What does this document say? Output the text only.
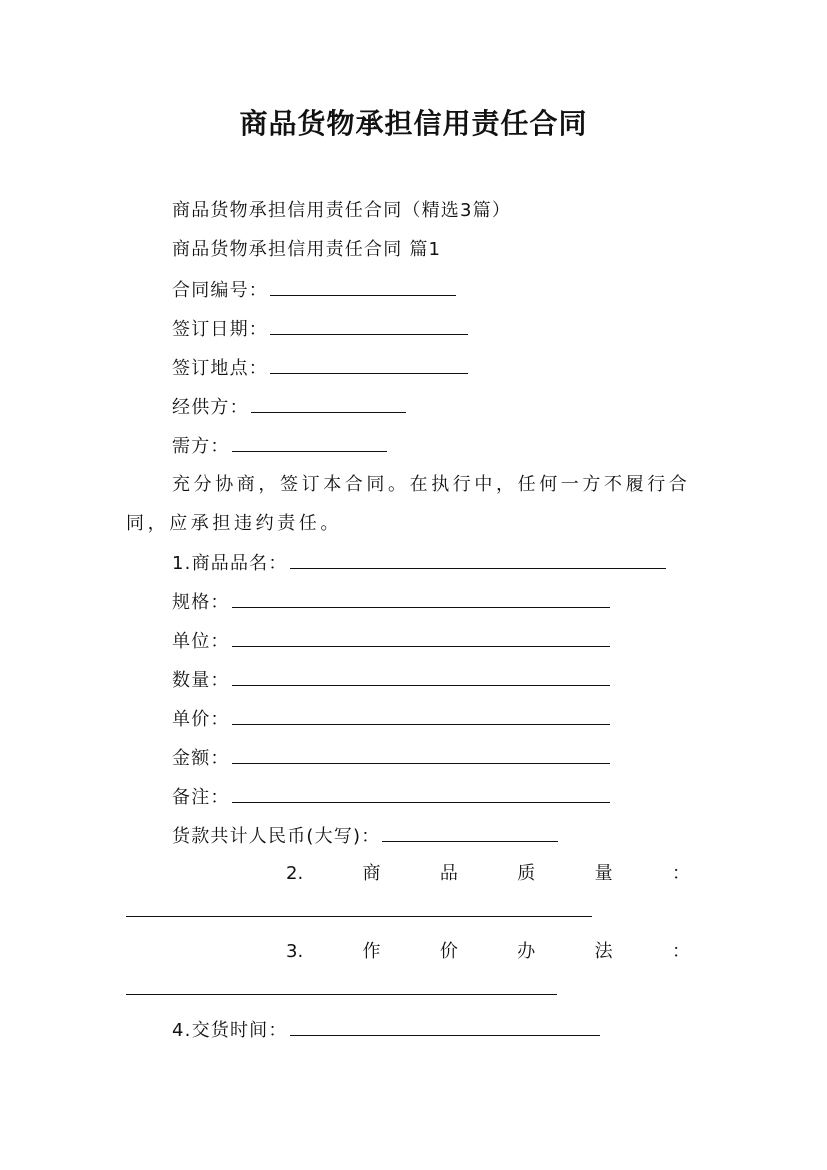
商品货物承担信用责任合同
商品货物承担信用责任合同（精选3篇）
商品货物承担信用责任合同 篇1
合同编号：
签订日期：
签订地点：
经供方：
需方：
充分协商，签订本合同。在执行中，任何一方不履行合
同，应承担违约责任。
1.商品品名：
规格：
单位：
数量：
单价：
金额：
备注：
货款共计人民币(大写)：
2.	商	品	质	量	：
3.	作	价	办	法	：
4.交货时间：
